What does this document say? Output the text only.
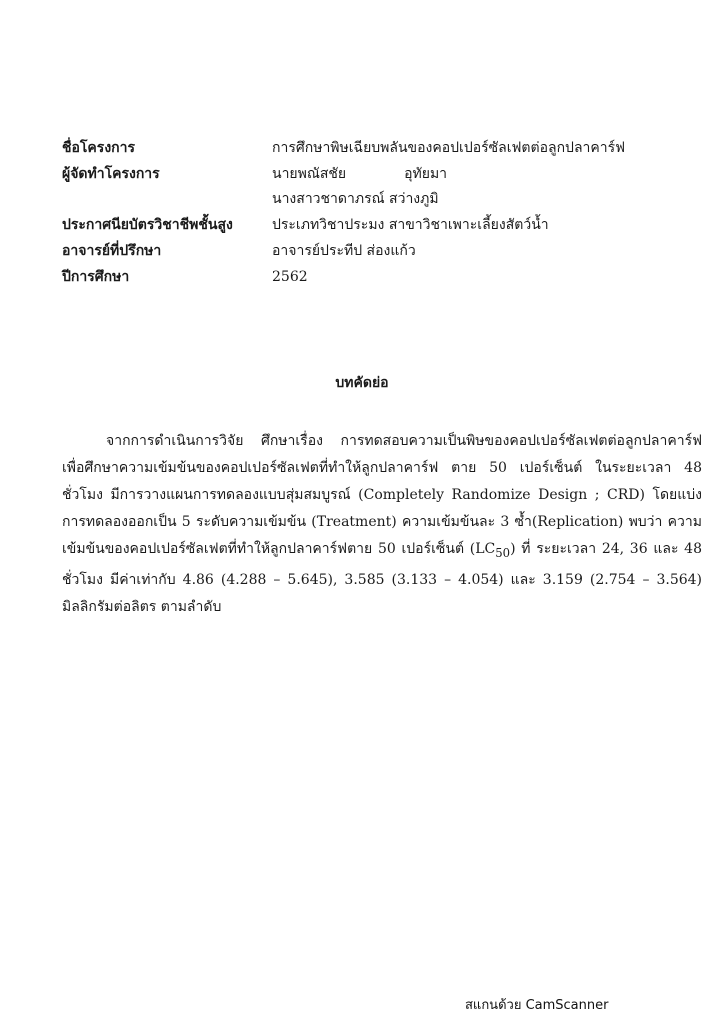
ชื่อโครงการ	การศึกษาพิษเฉียบพลันของคอปเปอร์ซัลเฟตต่อลูกปลาคาร์ฟ
ผู้จัดทำโครงการ	นายพณัสชัย	อุทัยมา
นางสาวชาดาภรณ์ สว่างภูมิ
ประกาศนียบัตรวิชาชีพชั้นสูง	ประเภทวิชาประมง สาขาวิชาเพาะเลี้ยงสัตว์น้ำ
อาจารย์ที่ปรึกษา	อาจารย์ประทีป ส่องแก้ว
ปีการศึกษา	2562
บทคัดย่อ

จากการดำเนินการวิจัย ศึกษาเรื่อง การทดสอบความเป็นพิษของคอปเปอร์ซัลเฟตต่อลูกปลาคาร์ฟ เพื่อศึกษาความเข้มข้นของคอปเปอร์ซัลเฟตที่ทำให้ลูกปลาคาร์ฟ ตาย 50 เปอร์เซ็นต์ ในระยะเวลา 48 ชั่วโมง มีการวางแผนการทดลองแบบสุ่มสมบูรณ์ (Completely Randomize Design ; CRD) โดยแบ่งการทดลองออกเป็น 5 ระดับความเข้มข้น (Treatment) ความเข้มข้นละ 3 ซ้ำ(Replication) พบว่า ความเข้มข้นของคอปเปอร์ซัลเฟตที่ทำให้ลูกปลาคาร์ฟตาย 50 เปอร์เซ็นต์ $(LC_{50})$ ที่ ระยะเวลา 24, 36 และ 48 ชั่วโมง มีค่าเท่ากับ 4.86 (4.288 – 5.645), 3.585 (3.133 – 4.054) และ 3.159 (2.754 – 3.564) มิลลิกรัมต่อลิตร ตามลำดับ

สแกนด้วย CamScanner
